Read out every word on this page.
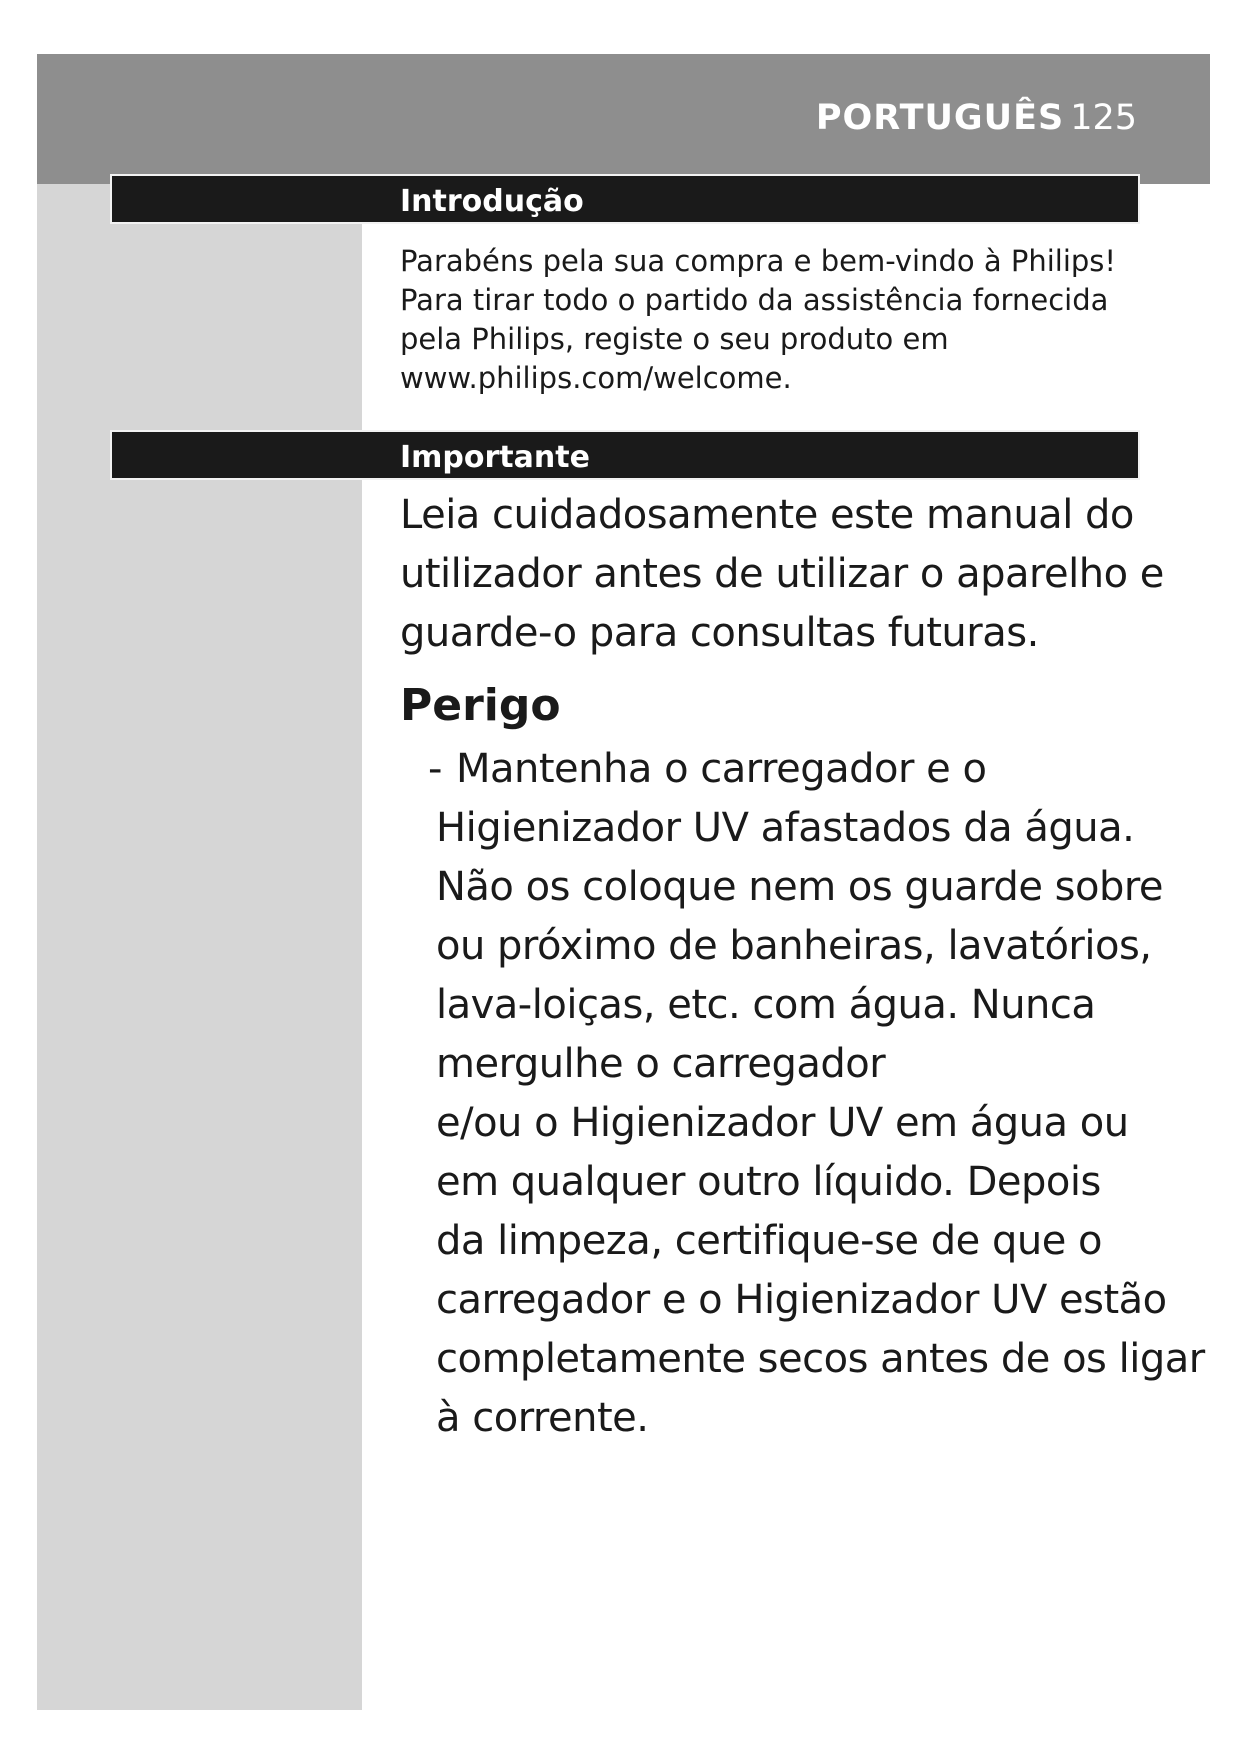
PORTUGUÊS 125
Introdução
Parabéns pela sua compra e bem-vindo à Philips!
Para tirar todo o partido da assistência fornecida
pela Philips, registe o seu produto em
www.philips.com/welcome.
Importante
Leia cuidadosamente este manual do
utilizador antes de utilizar o aparelho e
guarde-o para consultas futuras.
Perigo
- Mantenha o carregador e o
Higienizador UV afastados da água.
Não os coloque nem os guarde sobre
ou próximo de banheiras, lavatórios,
lava-loiças, etc. com água. Nunca
mergulhe o carregador
e/ou o Higienizador UV em água ou
em qualquer outro líquido. Depois
da limpeza, certifique-se de que o
carregador e o Higienizador UV estão
completamente secos antes de os ligar
à corrente.
